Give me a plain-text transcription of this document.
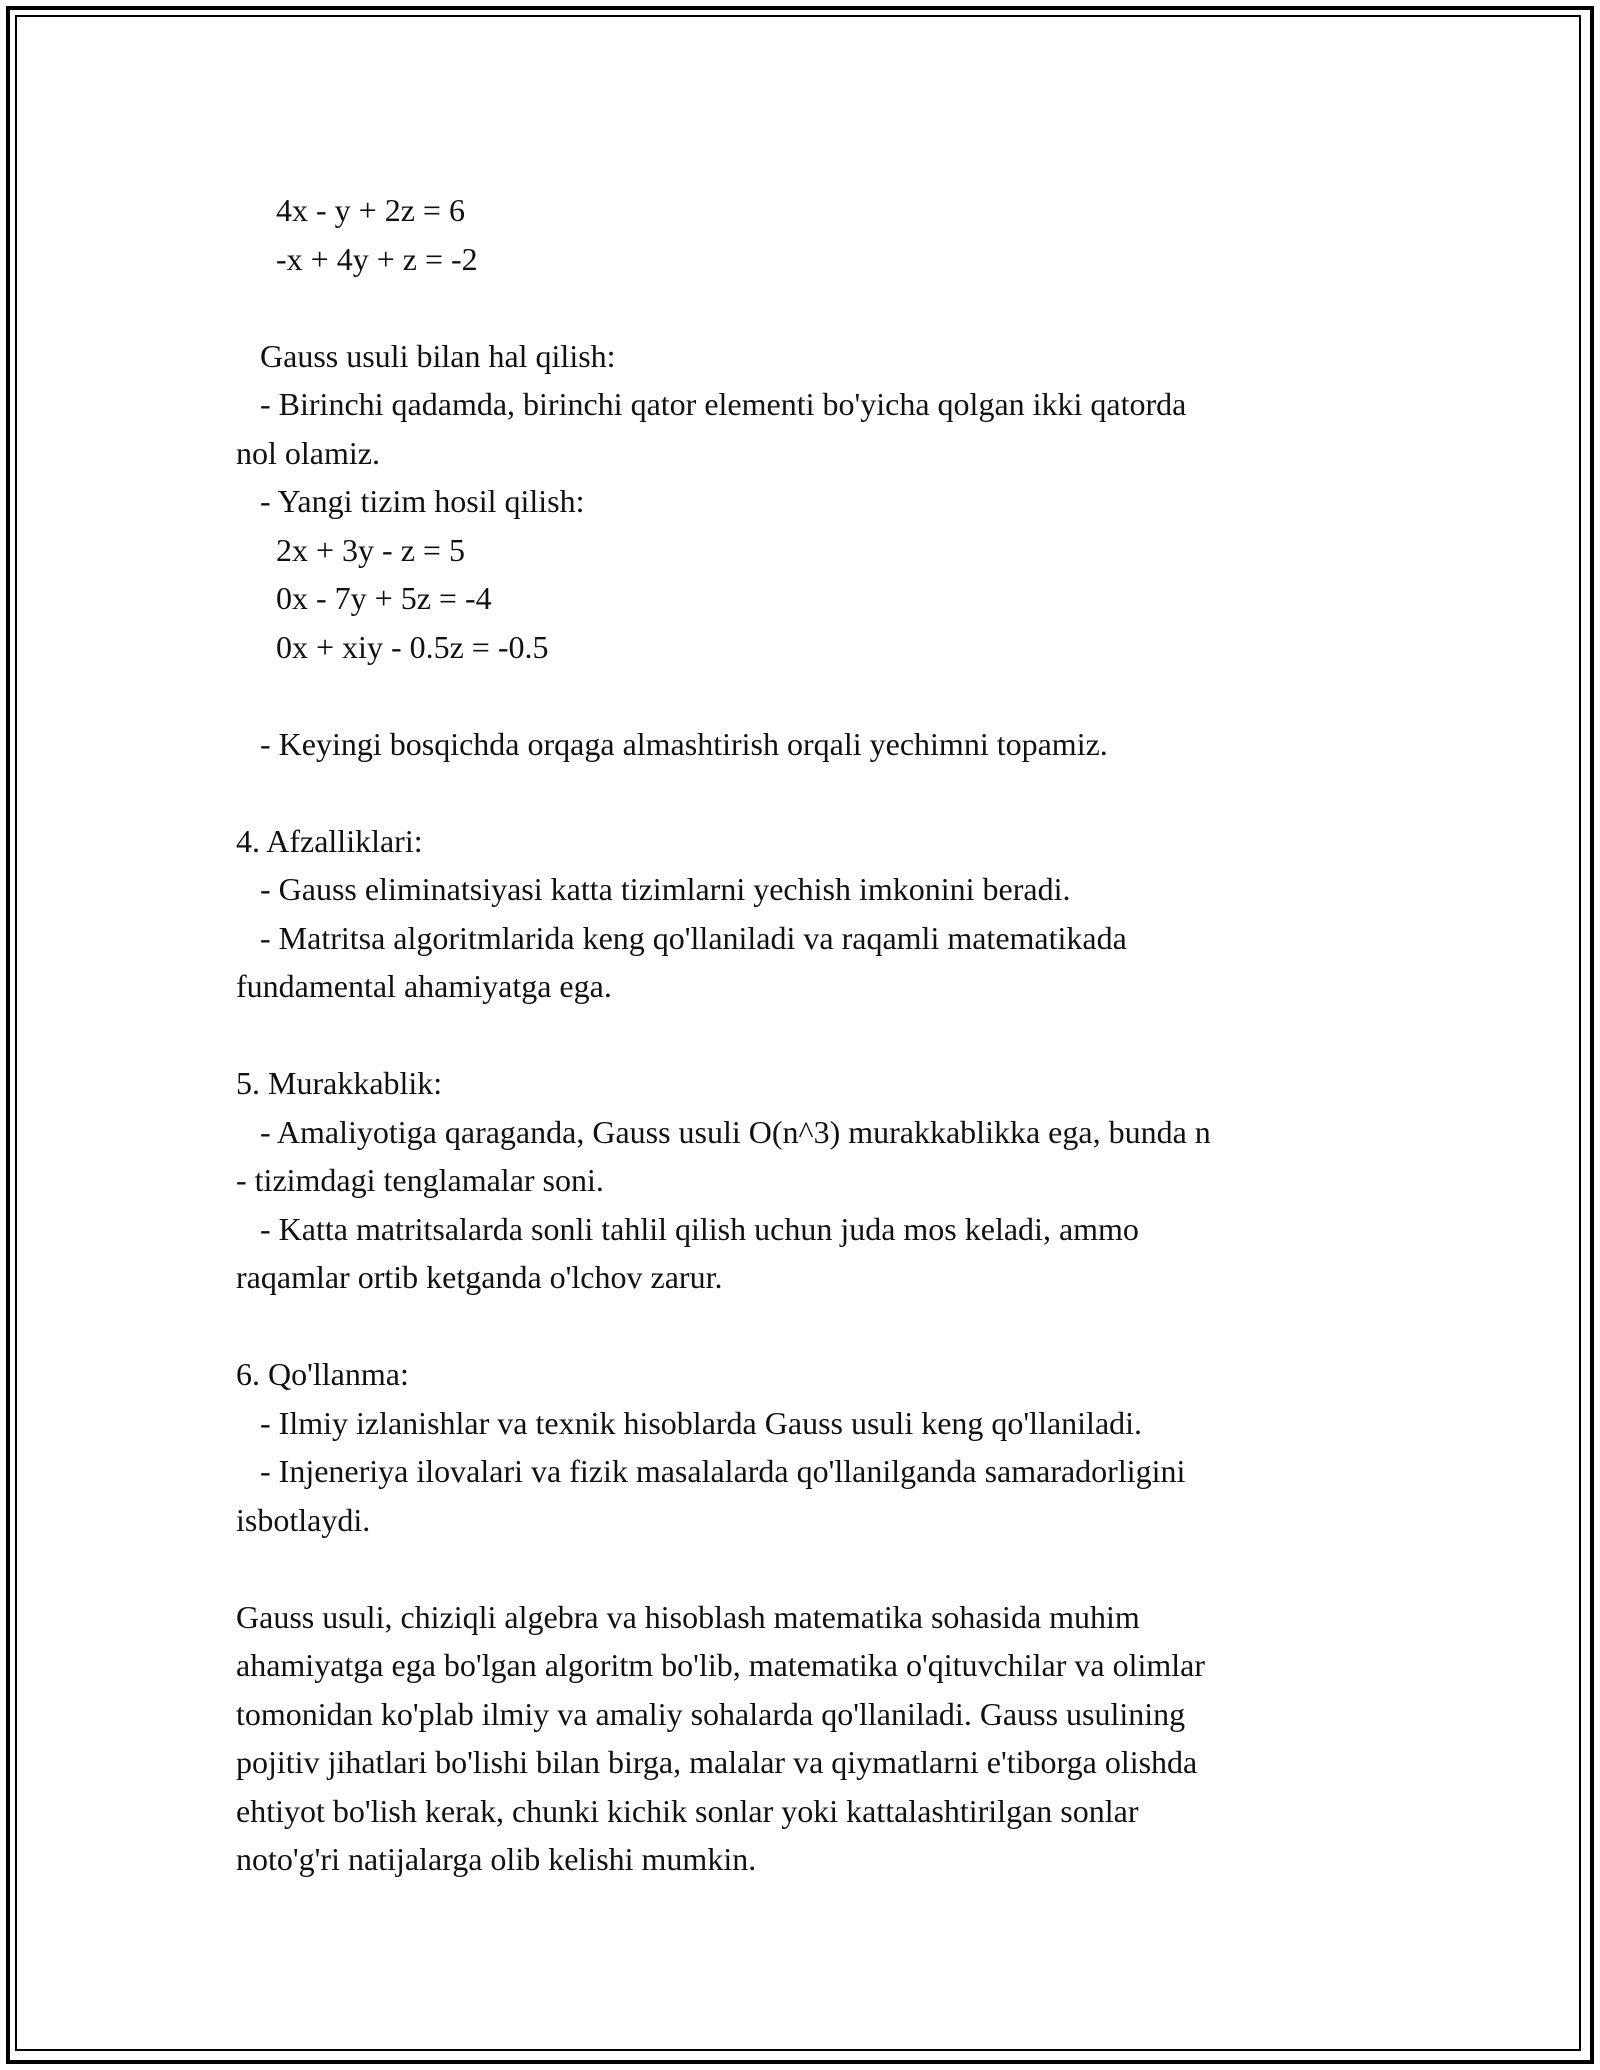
4x - y + 2z = 6
-x + 4y + z = -2
Gauss usuli bilan hal qilish:
- Birinchi qadamda, birinchi qator elementi bo'yicha qolgan ikki qatorda
nol olamiz.
- Yangi tizim hosil qilish:
2x + 3y - z = 5
0x - 7y + 5z = -4
0x + xiy - 0.5z = -0.5
- Keyingi bosqichda orqaga almashtirish orqali yechimni topamiz.
4. Afzalliklari:
- Gauss eliminatsiyasi katta tizimlarni yechish imkonini beradi.
- Matritsa algoritmlarida keng qo'llaniladi va raqamli matematikada
fundamental ahamiyatga ega.
5. Murakkablik:
- Amaliyotiga qaraganda, Gauss usuli O(n^3) murakkablikka ega, bunda n
- tizimdagi tenglamalar soni.
- Katta matritsalarda sonli tahlil qilish uchun juda mos keladi, ammo
raqamlar ortib ketganda o'lchov zarur.
6. Qo'llanma:
- Ilmiy izlanishlar va texnik hisoblarda Gauss usuli keng qo'llaniladi.
- Injeneriya ilovalari va fizik masalalarda qo'llanilganda samaradorligini
isbotlaydi.
Gauss usuli, chiziqli algebra va hisoblash matematika sohasida muhim
ahamiyatga ega bo'lgan algoritm bo'lib, matematika o'qituvchilar va olimlar
tomonidan ko'plab ilmiy va amaliy sohalarda qo'llaniladi. Gauss usulining
pojitiv jihatlari bo'lishi bilan birga, malalar va qiymatlarni e'tiborga olishda
ehtiyot bo'lish kerak, chunki kichik sonlar yoki kattalashtirilgan sonlar
noto'g'ri natijalarga olib kelishi mumkin.
